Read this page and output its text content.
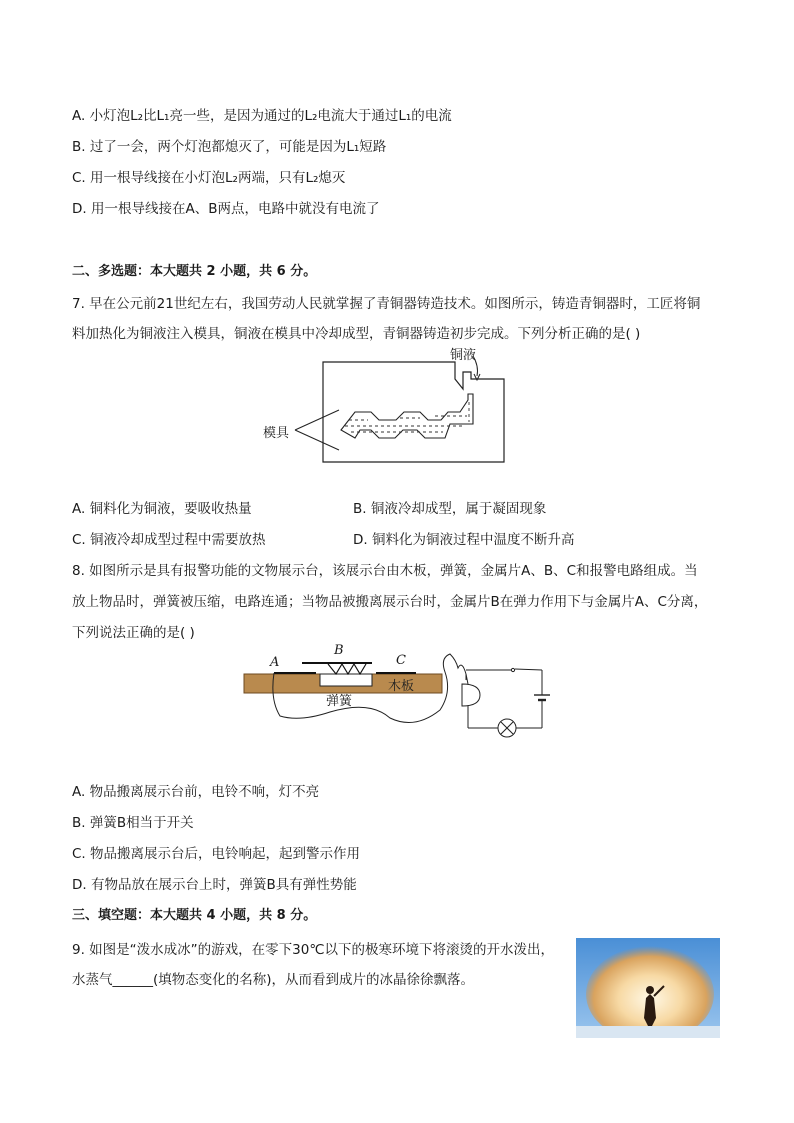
A. 小灯泡L₂比L₁亮一些，是因为通过的L₂电流大于通过L₁的电流
B. 过了一会，两个灯泡都熄灭了，可能是因为L₁短路
C. 用一根导线接在小灯泡L₂两端，只有L₂熄灭
D. 用一根导线接在A、B两点，电路中就没有电流了
二、多选题：本大题共 2 小题，共 6 分。
7. 早在公元前21世纪左右，我国劳动人民就掌握了青铜器铸造技术。如图所示，铸造青铜器时，工匠将铜
料加热化为铜液注入模具，铜液在模具中冷却成型，青铜器铸造初步完成。下列分析正确的是( )
铜液
模具
A. 铜料化为铜液，要吸收热量	B. 铜液冷却成型，属于凝固现象
C. 铜液冷却成型过程中需要放热	D. 铜料化为铜液过程中温度不断升高
8. 如图所示是具有报警功能的文物展示台，该展示台由木板，弹簧，金属片A、B、C和报警电路组成。当
放上物品时，弹簧被压缩，电路连通；当物品被搬离展示台时，金属片B在弹力作用下与金属片A、C分离，
下列说法正确的是( )
A
B
C
木板
弹簧
A. 物品搬离展示台前，电铃不响，灯不亮
B. 弹簧B相当于开关
C. 物品搬离展示台后，电铃响起，起到警示作用
D. 有物品放在展示台上时，弹簧B具有弹性势能
三、填空题：本大题共 4 小题，共 8 分。
9. 如图是“泼水成冰”的游戏，在零下30℃以下的极寒环境下将滚烫的开水泼出，
水蒸气______(填物态变化的名称)，从而看到成片的冰晶徐徐飘落。
